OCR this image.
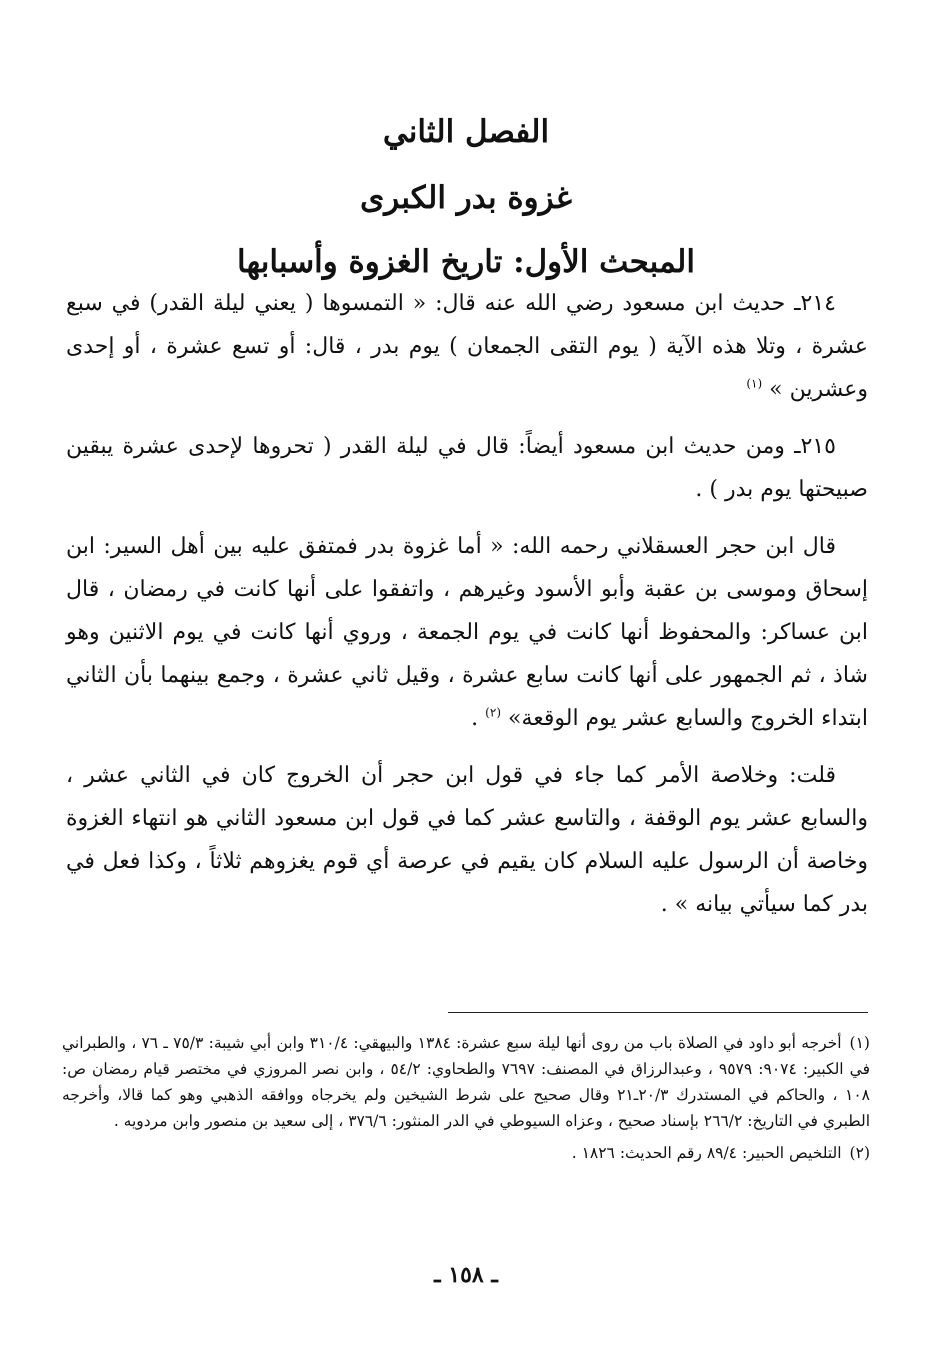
الفصل الثاني
غزوة بدر الكبرى
المبحث الأول: تاريخ الغزوة وأسبابها

٢١٤ـ حديث ابن مسعود رضي الله عنه قال: « التمسوها ( يعني ليلة القدر) في سبع عشرة ، وتلا هذه الآية ( يوم التقى الجمعان ) يوم بدر ، قال: أو تسع عشرة ، أو إحدى وعشرين » $^{(١)}$

٢١٥ـ ومن حديث ابن مسعود أيضاً: قال في ليلة القدر ( تحروها لإحدى عشرة يبقين صبيحتها يوم بدر ) .

قال ابن حجر العسقلاني رحمه الله: « أما غزوة بدر فمتفق عليه بين أهل السير: ابن إسحاق وموسى بن عقبة وأبو الأسود وغيرهم ، واتفقوا على أنها كانت في رمضان ، قال ابن عساكر: والمحفوظ أنها كانت في يوم الجمعة ، وروي أنها كانت في يوم الاثنين وهو شاذ ، ثم الجمهور على أنها كانت سابع عشرة ، وقيل ثاني عشرة ، وجمع بينهما بأن الثاني ابتداء الخروج والسابع عشر يوم الوقعة» $^{(٢)}$ .

قلت: وخلاصة الأمر كما جاء في قول ابن حجر أن الخروج كان في الثاني عشر ، والسابع عشر يوم الوقفة ، والتاسع عشر كما في قول ابن مسعود الثاني هو انتهاء الغزوة وخاصة أن الرسول عليه السلام كان يقيم في عرصة أي قوم يغزوهم ثلاثاً ، وكذا فعل في بدر كما سيأتي بيانه » .

(١)أخرجه أبو داود في الصلاة باب من روى أنها ليلة سبع عشرة: ١٣٨٤ والبيهقي: ٣١٠/٤ وابن أبي شيبة: ٧٥/٣ ـ ٧٦ ، والطبراني في الكبير: ٩٠٧٤: ٩٥٧٩ ، وعبدالرزاق في المصنف: ٧٦٩٧ والطحاوي: ٥٤/٢ ، وابن نصر المروزي في مختصر قيام رمضان ص: ١٠٨ ، والحاكم في المستدرك ٢٠/٣ـ٢١ وقال صحيح على شرط الشيخين ولم يخرجاه ووافقه الذهبي وهو كما قالا، وأخرجه الطبري في التاريخ: ٢٦٦/٢ بإسناد صحيح ، وعزاه السيوطي في الدر المنثور: ٣٧٦/٦ ، إلى سعيد بن منصور وابن مردويه .

(٢)التلخيص الحبير: ٨٩/٤ رقم الحديث: ١٨٢٦ .

ـ ١٥٨ ـ
